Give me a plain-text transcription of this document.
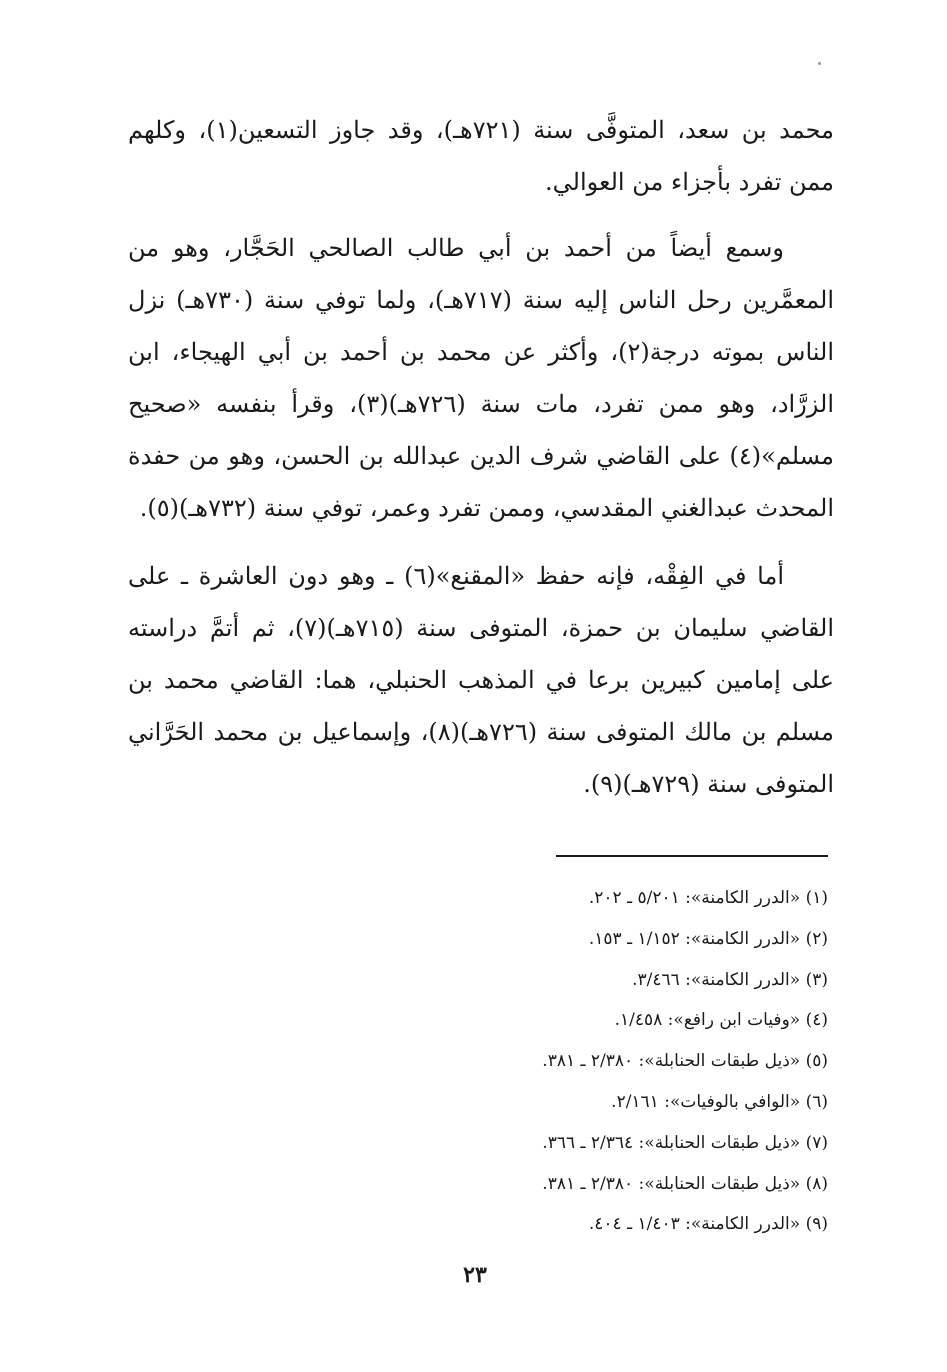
محمد بن سعد، المتوفَّى سنة (٧٢١هـ)، وقد جاوز التسعين(١)، وكلهم ممن تفرد بأجزاء من العوالي.

وسمع أيضاً من أحمد بن أبي طالب الصالحي الحَجَّار، وهو من المعمَّرين رحل الناس إليه سنة (٧١٧هـ)، ولما توفي سنة (٧٣٠هـ) نزل الناس بموته درجة(٢)، وأكثر عن محمد بن أحمد بن أبي الهيجاء، ابن الزرَّاد، وهو ممن تفرد، مات سنة (٧٢٦هـ)(٣)، وقرأ بنفسه «صحيح مسلم»(٤) على القاضي شرف الدين عبدالله بن الحسن، وهو من حفدة المحدث عبدالغني المقدسي، وممن تفرد وعمر، توفي سنة (٧٣٢هـ)(٥).

أما في الفِقْه، فإنه حفظ «المقنع»(٦) ـ وهو دون العاشرة ـ على القاضي سليمان بن حمزة، المتوفى سنة (٧١٥هـ)(٧)، ثم أتمَّ دراسته على إمامين كبيرين برعا في المذهب الحنبلي، هما: القاضي محمد بن مسلم بن مالك المتوفى سنة (٧٢٦هـ)(٨)، وإسماعيل بن محمد الحَرَّاني المتوفى سنة (٧٢٩هـ)(٩).

(١) «الدرر الكامنة»: ٥/٢٠١ ـ ٢٠٢.
(٢) «الدرر الكامنة»: ١/١٥٢ ـ ١٥٣.
(٣) «الدرر الكامنة»: ٣/٤٦٦.
(٤) «وفيات ابن رافع»: ١/٤٥٨.
(٥) «ذيل طبقات الحنابلة»: ٢/٣٨٠ ـ ٣٨١.
(٦) «الوافي بالوفيات»: ٢/١٦١.
(٧) «ذيل طبقات الحنابلة»: ٢/٣٦٤ ـ ٣٦٦.
(٨) «ذيل طبقات الحنابلة»: ٢/٣٨٠ ـ ٣٨١.
(٩) «الدرر الكامنة»: ١/٤٠٣ ـ ٤٠٤.
٢٣
